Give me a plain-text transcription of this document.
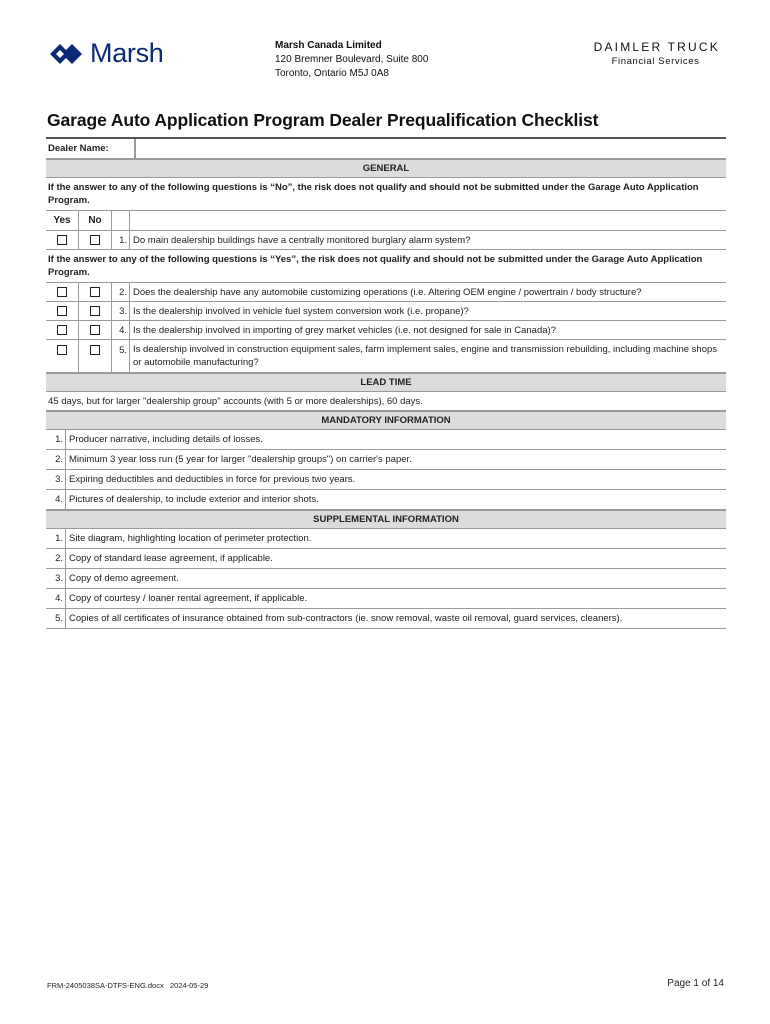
Marsh	Marsh Canada Limited
120 Bremner Boulevard, Suite 800
Toronto, Ontario M5J 0A8
DAIMLER TRUCK
Financial Services
Garage Auto Application Program Dealer Prequalification Checklist
Dealer Name:
GENERAL
If the answer to any of the following questions is “No”, the risk does not qualify and should not be submitted under the Garage Auto Application Program.
Yes	No
1. Do main dealership buildings have a centrally monitored burglary alarm system?
If the answer to any of the following questions is “Yes”, the risk does not qualify and should not be submitted under the Garage Auto Application Program.
2. Does the dealership have any automobile customizing operations (i.e. Altering OEM engine / powertrain / body structure?
3. Is the dealership involved in vehicle fuel system conversion work (i.e. propane)?
4. Is the dealership involved in importing of grey market vehicles (i.e. not designed for sale in Canada)?
5. Is dealership involved in construction equipment sales, farm implement sales, engine and transmission rebuilding, including machine shops or automobile manufacturing?
LEAD TIME
45 days, but for larger "dealership group" accounts (with 5 or more dealerships), 60 days.
MANDATORY INFORMATION
1. Producer narrative, including details of losses.
2. Minimum 3 year loss run (5 year for larger "dealership groups") on carrier's paper.
3. Expiring deductibles and deductibles in force for previous two years.
4. Pictures of dealership, to include exterior and interior shots.
SUPPLEMENTAL INFORMATION
1. Site diagram, highlighting location of perimeter protection.
2. Copy of standard lease agreement, if applicable.
3. Copy of demo agreement.
4. Copy of courtesy / loaner rental agreement, if applicable.
5. Copies of all certificates of insurance obtained from sub-contractors (ie. snow removal, waste oil removal, guard services, cleaners).
FRM-2405038SA-DTFS-ENG.docx   2024-05-29	Page 1 of 14
